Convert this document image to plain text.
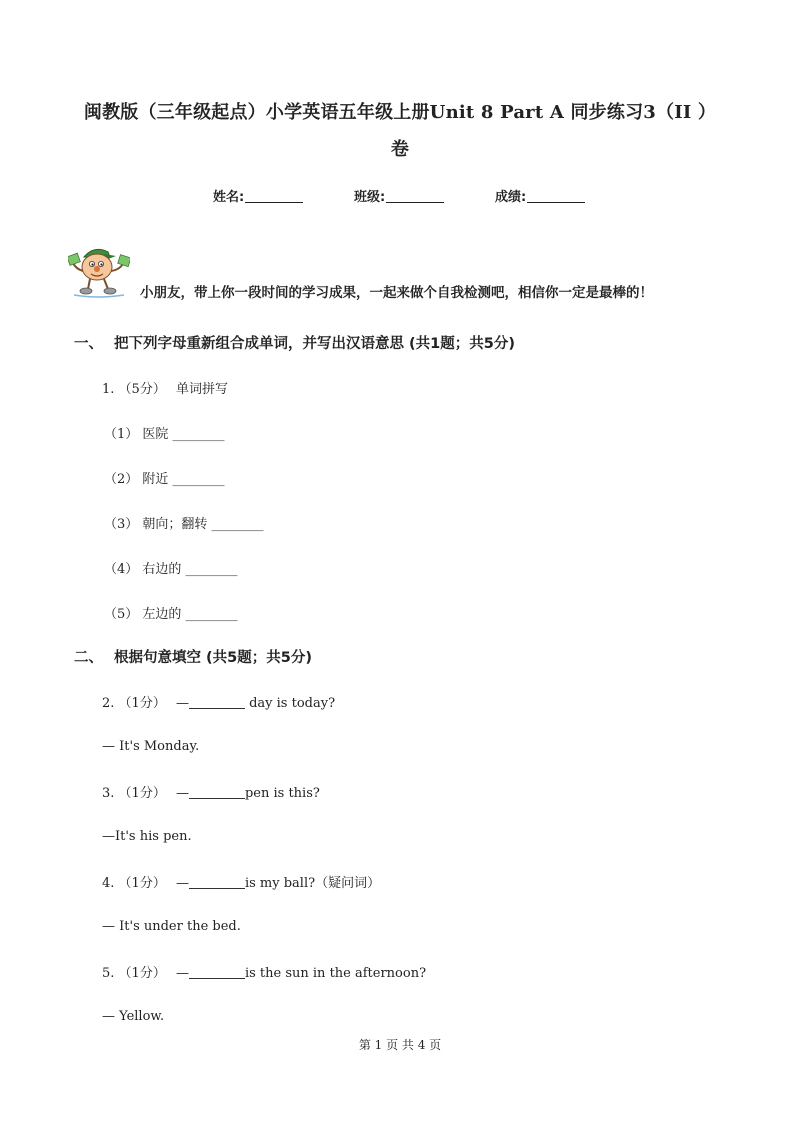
闽教版（三年级起点）小学英语五年级上册Unit 8 Part A 同步练习3（II ）
卷
姓名:	班级:	成绩:
小朋友，带上你一段时间的学习成果，一起来做个自我检测吧，相信你一定是最棒的！
一、 把下列字母重新组合成单词，并写出汉语意思 (共1题；共5分)
1. （5分） 单词拼写
（1） 医院 ________
（2） 附近 ________
（3） 朝向；翻转 ________
（4） 右边的 ________
（5） 左边的 ________
二、 根据句意填空 (共5题；共5分)
2. （1分） —	day is today?
— It's Monday.
3. （1分） —	pen is this?
—It's his pen.
4. （1分） —	is my ball?（疑问词）
— It's under the bed.
5. （1分） —	is the sun in the afternoon?
— Yellow.
第 1 页 共 4 页
